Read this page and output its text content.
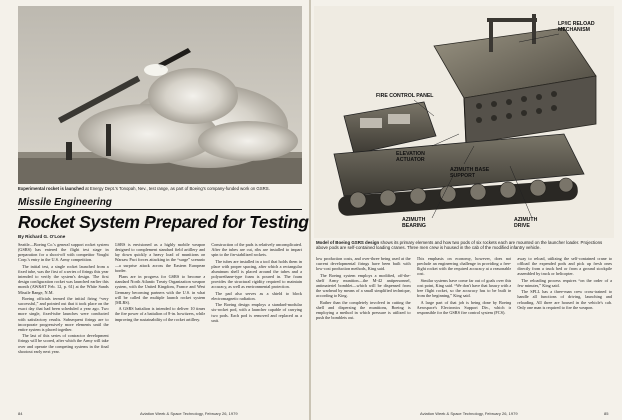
Experimental rocket is launched at Energy Dept.'s Tonopah, Nev., test range, as part of Boeing's company-funded work on GSRS.
Missile Engineering
Rocket System Prepared for Testing
By Richard G. O'Lone

Seattle—Boeing Co.'s general support rocket system (GSRS) has entered the flight test stage in preparation for a shoot-off with competitor Vought Corp.'s entry in the U.S. Army competition.

The initial test, a single rocket launched from a fixed tube, was the first of a series of firings this year intended to verify the system's design. The first design configuration rocket was launched earlier this month (AW&ST Feb. 12, p. 61) at the White Sands Missile Range, N.M.

Boeing officials termed the initial firing “very successful,” and pointed out that it took place on the exact day that had been scheduled a year ago. Two more single, fixed-tube launches were conducted with satisfactory results. Subsequent firings are to incorporate progressively more elements until the entire system is placed together.

The last of this series of contractor development firings will be scored, after which the Army will take over and operate the competing systems in the final shootout early next year.

GSRS is envisioned as a highly mobile weapon designed to complement standard field artillery and lay down quickly a heavy load of munitions on Warsaw Pact forces attacking in the “surge” scenario—a surprise attack across the Eastern European border.

Plans are in progress for GSRS to become a standard North Atlantic Treaty Organization weapon system, with the United Kingdom, France and West Germany becoming partners with the U.S. in what will be called the multiple launch rocket system (MLRS).

A GSRS battalion is intended to deliver 10 times the fire power of a battalion of 8-in. howitzers, while improving the sustainability of the rocket artillery.

Construction of the pads is relatively uncomplicated. After the tubes are cut, ribs are installed to impart spin to the fin-stabilized rockets.

The tubes are installed in a tool that holds them in place with proper spacing, after which a rectangular aluminum shell is placed around the tubes and a polyurethane-type foam is poured in. The foam provides the structural rigidity required to maintain accuracy, as well as environmental protection.

The pad also serves as a shield to block electromagnetic radiation.

The Boeing design employs a standard-modular six-rocket pod, with a launcher capable of carrying two pods. Each pod is removed and replaced as a unit.

84	Aviation Week & Space Technology, February 26, 1979
LP/IC RELOAD MECHANISM
FIRE CONTROL PANEL
ELEVATION ACTUATOR
AZIMUTH BASE SUPPORT
AZIMUTH BEARING
AZIMUTH DRIVE
Model of Boeing GSRS design shows its primary elements and how two pods of six rockets each are mounted on the launcher loader. Projections above pods are self-contained loading cranes. Three men crew is housed in the cab of the modified infantry vehicle.

low production costs, and over-three being used at the current developmental firings have been built with low-cost production methods, King said.

The Boeing system employs a modified, off-the-shelf Army munition—the M-42 antipersonnel, antimateriel bomblet—which will be dispensed from the warhead by means of a small simplified technique, according to King.

Rather than the completely involved in cutting the shell and dispersing the munitions, Boeing is employing a method in which pressure is utilized to push the bomblets out.

This emphasis on economy, however, does not preclude an engineering challenge in providing a free-flight rocket with the required accuracy at a reasonable cost.

Similar systems have come far out of goals over this cost point, King said. “We don't have that luxury with a free flight rocket, so the accuracy has to be built in from the beginning,” King said.

A large part of that job is being done by Boeing Aerospace's Electronics Support Div., which is responsible for the GSRS fire control system (FCS).

away to reload, utilizing the self-contained crane to offload the expended pods and pick up fresh ones directly from a truck bed or from a ground stockpile assembled by truck or helicopter.

The reloading process requires “on the order of a few minutes,” King said.

The SPLL has a three-man crew cross-trained to handle all functions of driving, launching and reloading. All three are housed in the vehicle's cab. Only one man is required to fire the weapon.

Aviation Week & Space Technology, February 26, 1979	85
